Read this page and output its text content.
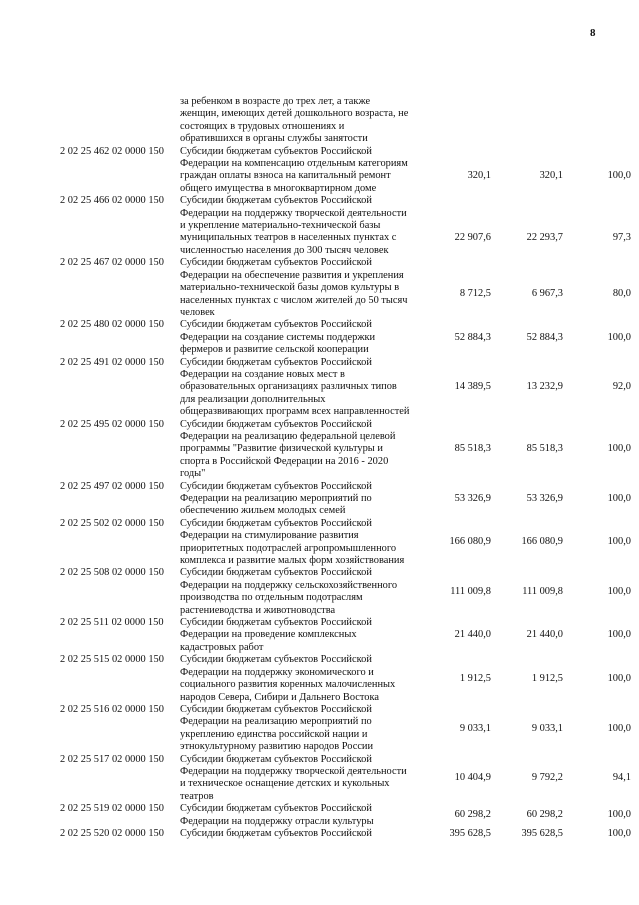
8
за ребенком в возрасте до трех лет, а также
женщин, имеющих детей дошкольного возраста, не
состоящих в трудовых отношениях и
обратившихся в органы службы занятости
2 02 25 462 02 0000 150 Субсидии бюджетам субъектов Российской
Федерации на компенсацию отдельным категориям
граждан оплаты взноса на капитальный ремонт
общего имущества в многоквартирном доме
320,1	320,1	100,0
2 02 25 466 02 0000 150 Субсидии бюджетам субъектов Российской
Федерации на поддержку творческой деятельности
и укрепление материально-технической базы
муниципальных театров в населенных пунктах с
численностью населения до 300 тысяч человек
22 907,6	22 293,7	97,3
2 02 25 467 02 0000 150 Субсидии бюджетам субъектов Российской
Федерации на обеспечение развития и укрепления
материально-технической базы домов культуры в
населенных пунктах с числом жителей до 50 тысяч
человек
8 712,5	6 967,3	80,0
2 02 25 480 02 0000 150 Субсидии бюджетам субъектов Российской
Федерации на создание системы поддержки
фермеров и развитие сельской кооперации
52 884,3	52 884,3	100,0
2 02 25 491 02 0000 150 Субсидии бюджетам субъектов Российской
Федерации на создание новых мест в
образовательных организациях различных типов
для реализации дополнительных
общеразвивающих программ всех направленностей
14 389,5	13 232,9	92,0
2 02 25 495 02 0000 150 Субсидии бюджетам субъектов Российской
Федерации на реализацию федеральной целевой
программы "Развитие физической культуры и
спорта в Российской Федерации на 2016 - 2020
годы"
85 518,3	85 518,3	100,0
2 02 25 497 02 0000 150 Субсидии бюджетам субъектов Российской
Федерации на реализацию мероприятий по
обеспечению жильем молодых семей
53 326,9	53 326,9	100,0
2 02 25 502 02 0000 150 Субсидии бюджетам субъектов Российской
Федерации на стимулирование развития
приоритетных подотраслей агропромышленного
комплекса и развитие малых форм хозяйствования
166 080,9	166 080,9	100,0
2 02 25 508 02 0000 150 Субсидии бюджетам субъектов Российской
Федерации на поддержку сельскохозяйственного
производства по отдельным подотраслям
растениеводства и животноводства
111 009,8	111 009,8	100,0
2 02 25 511 02 0000 150 Субсидии бюджетам субъектов Российской
Федерации на проведение комплексных
кадастровых работ
21 440,0	21 440,0	100,0
2 02 25 515 02 0000 150 Субсидии бюджетам субъектов Российской
Федерации на поддержку экономического и
социального развития коренных малочисленных
народов Севера, Сибири и Дальнего Востока
1 912,5	1 912,5	100,0
2 02 25 516 02 0000 150 Субсидии бюджетам субъектов Российской
Федерации на реализацию мероприятий по
укреплению единства российской нации и
этнокультурному развитию народов России
9 033,1	9 033,1	100,0
2 02 25 517 02 0000 150 Субсидии бюджетам субъектов Российской
Федерации на поддержку творческой деятельности
и техническое оснащение детских и кукольных
театров
10 404,9	9 792,2	94,1
2 02 25 519 02 0000 150 Субсидии бюджетам субъектов Российской
Федерации на поддержку отрасли культуры
60 298,2	60 298,2	100,0
2 02 25 520 02 0000 150 Субсидии бюджетам субъектов Российской	395 628,5	395 628,5	100,0
